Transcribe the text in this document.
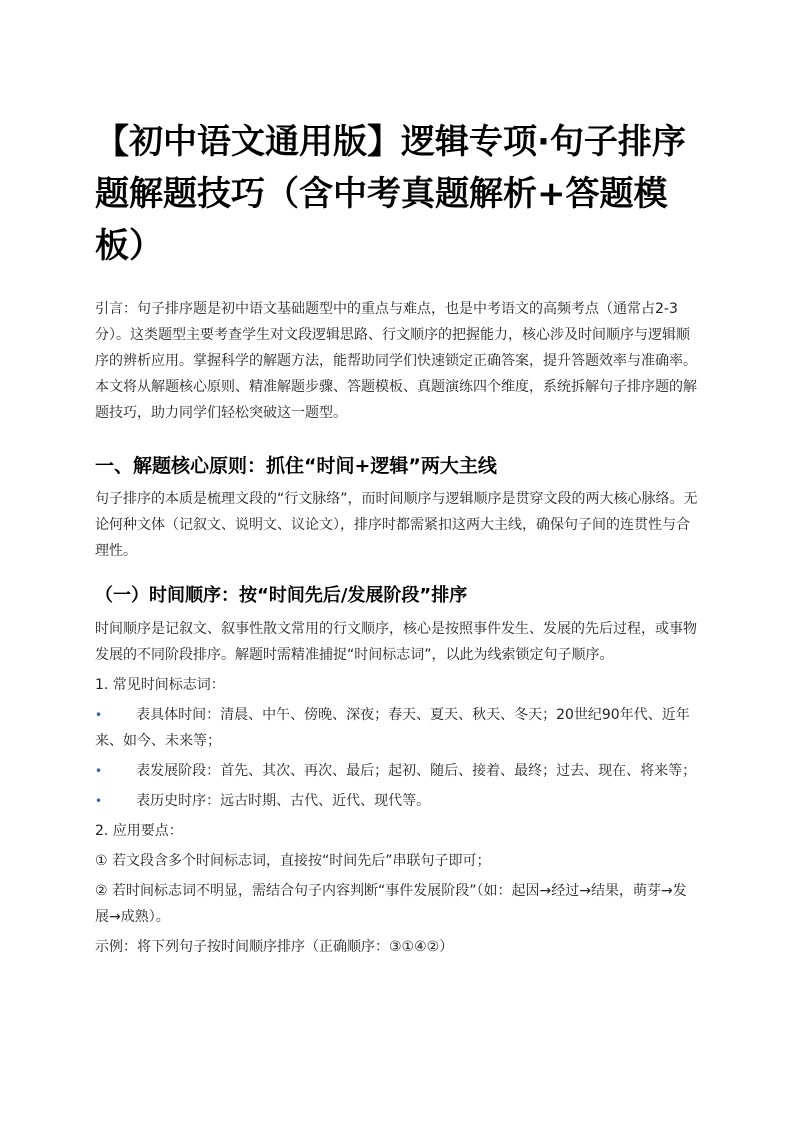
【初中语文通用版】逻辑专项·句子排序题解题技巧（含中考真题解析+答题模板）
引言：句子排序题是初中语文基础题型中的重点与难点，也是中考语文的高频考点（通常占2-3分）。这类题型主要考查学生对文段逻辑思路、行文顺序的把握能力，核心涉及时间顺序与逻辑顺序的辨析应用。掌握科学的解题方法，能帮助同学们快速锁定正确答案，提升答题效率与准确率。本文将从解题核心原则、精准解题步骤、答题模板、真题演练四个维度，系统拆解句子排序题的解题技巧，助力同学们轻松突破这一题型。
一、解题核心原则：抓住“时间+逻辑”两大主线
句子排序的本质是梳理文段的“行文脉络”，而时间顺序与逻辑顺序是贯穿文段的两大核心脉络。无论何种文体（记叙文、说明文、议论文），排序时都需紧扣这两大主线，确保句子间的连贯性与合理性。
（一）时间顺序：按“时间先后/发展阶段”排序
时间顺序是记叙文、叙事性散文常用的行文顺序，核心是按照事件发生、发展的先后过程，或事物发展的不同阶段排序。解题时需精准捕捉“时间标志词”，以此为线索锁定句子顺序。
1. 常见时间标志词：
• 表具体时间：清晨、中午、傍晚、深夜；春天、夏天、秋天、冬天；20世纪90年代、近年来、如今、未来等；
• 表发展阶段：首先、其次、再次、最后；起初、随后、接着、最终；过去、现在、将来等；
• 表历史时序：远古时期、古代、近代、现代等。
2. 应用要点：
① 若文段含多个时间标志词，直接按“时间先后”串联句子即可；
② 若时间标志词不明显，需结合句子内容判断“事件发展阶段”（如：起因→经过→结果，萌芽→发展→成熟）。
示例：将下列句子按时间顺序排序（正确顺序：③①④②）
